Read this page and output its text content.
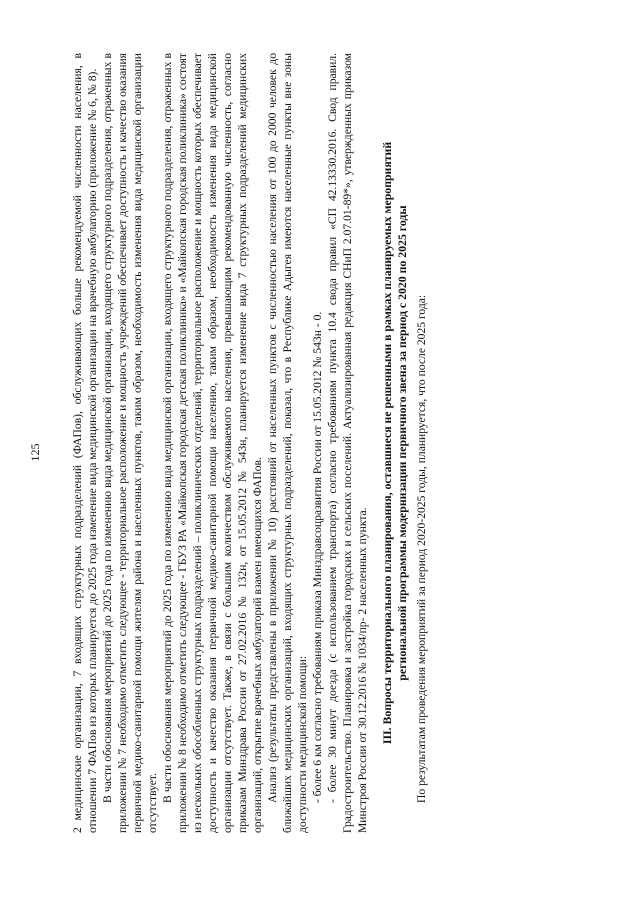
125	2 медицинские организации, 7 входящих структурных подразделений (ФАПов), обслуживающих больше рекомендуемой численности населения, в отношении 7 ФАПов из которых планируется до 2025 года изменение вида медицинской организации на врачебную амбулаторию (приложение № 6, № 8). В части обоснования мероприятий до 2025 года по изменению вида медицинской организации, входящего структурного подразделения, отраженных в приложении № 7 необходимо отметить следующее - территориальное расположение и мощность учреждений обеспечивает доступность и качество оказания первичной медико-санитарной помощи жителям района и населенных пунктов, таким образом, необходимость изменения вида медицинской организации отсутствует. В части обоснования мероприятий до 2025 года по изменению вида медицинской организации, входящего структурного подразделения, отраженных в приложении № 8 необходимо отметить следующее - ГБУЗ РА «Майкопская городская детская поликлиника» и «Майкопская городская поликлиника» состоят из нескольких обособленных структурных подразделений – поликлинических отделений, территориальное расположение и мощность которых обеспечивает доступность и качество оказания первичной медико-санитарной помощи населению, таким образом, необходимость изменения вида медицинской организации отсутствует. Также, в связи с большим количеством обслуживаемого населения, превышающим рекомендованную численность, согласно приказам Минздрава России от 27.02.2016 № 132н, от 15.05.2012 № 543н, планируется изменение вида 7 структурных подразделений медицинских организаций, открытие врачебных амбулаторий взамен имеющихся ФАПов. Анализ (результаты представлены в приложении № 10) расстояний от населенных пунктов с численностью населения от 100 до 2000 человек до ближайших медицинских организаций, входящих структурных подразделений, показал, что в Республике Адыгея имеются населенные пункты вне зоны доступности медицинской помощи: - более 6 км согласно требованиям приказа Минздравсоцразвития России от 15.05.2012 № 543н - 0. - более 30 минут доезда (с использованием транспорта) согласно требованиям пункта 10.4 свода правил «СП 42.13330.2016. Свод правил. Градостроительство. Планировка и застройка городских и сельских поселений. Актуализированная редакция СНиП 2.07.01-89*», утвержденных приказом Минстроя России от 30.12.2016 № 1034/пр- 2 населенных пункта. III. Вопросы территориального планирования, оставшиеся не решенными в рамках планируемых мероприятий региональной программы модернизации первичного звена за период с 2020 по 2025 годы По результатам проведения мероприятий за период 2020-2025 годы, планируется, что после 2025 года:
